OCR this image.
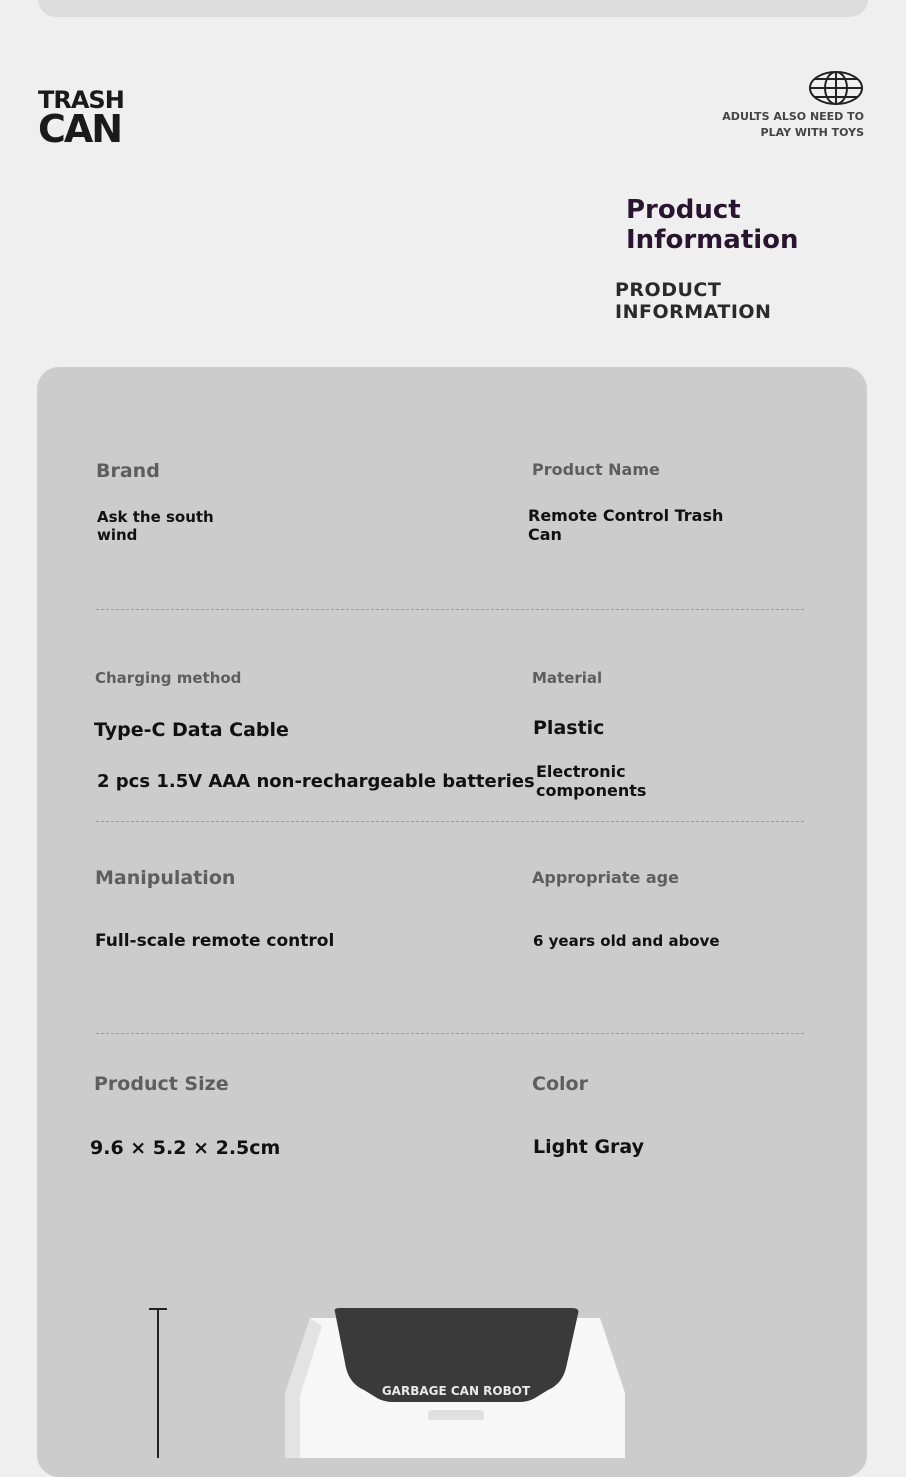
TRASH
CAN	ADULTS ALSO NEED TO
PLAY WITH TOYS
Product
Information
PRODUCT INFORMATION
Brand
Ask the south
wind
Product Name
Remote Control Trash
Can
Charging method
Type-C Data Cable
2 pcs 1.5V AAA non-rechargeable batteries
Material
Plastic
Electronic
components
Manipulation
Full-scale remote control
Appropriate age
6 years old and above
Product Size
9.6 × 5.2 × 2.5cm
Color
Light Gray
GARBAGE CAN ROBOT
